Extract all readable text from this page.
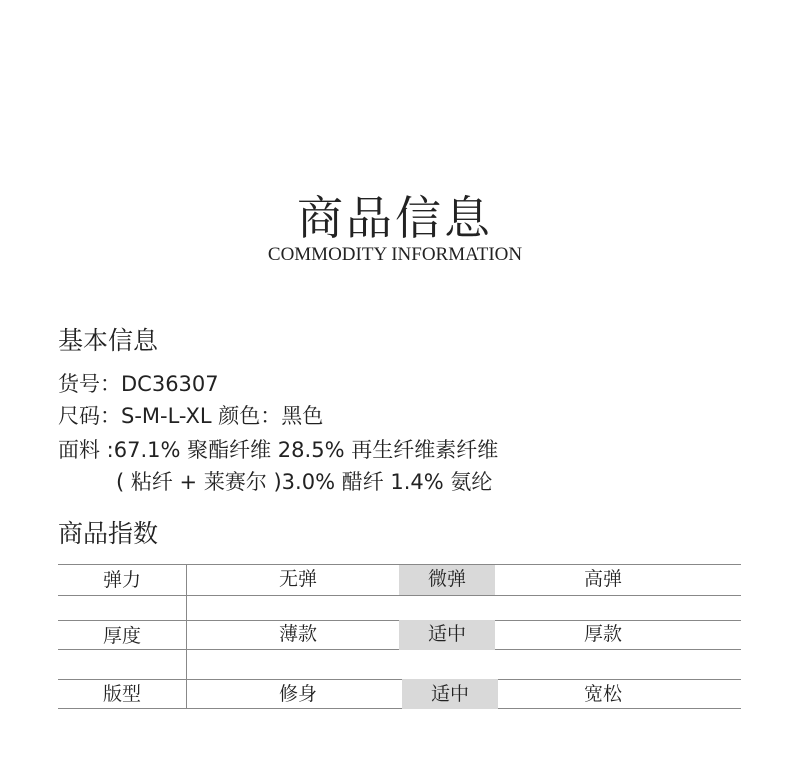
商品信息
COMMODITY INFORMATION
基本信息
货号：DC36307
尺码：S-M-L-XL 颜色：黑色
面料 :67.1% 聚酯纤维 28.5% 再生纤维素纤维
( 粘纤 + 莱赛尔 )3.0% 醋纤 1.4% 氨纶
商品指数
弹力	无弹	微弹	高弹
厚度	薄款	适中	厚款
版型	修身	适中	宽松
